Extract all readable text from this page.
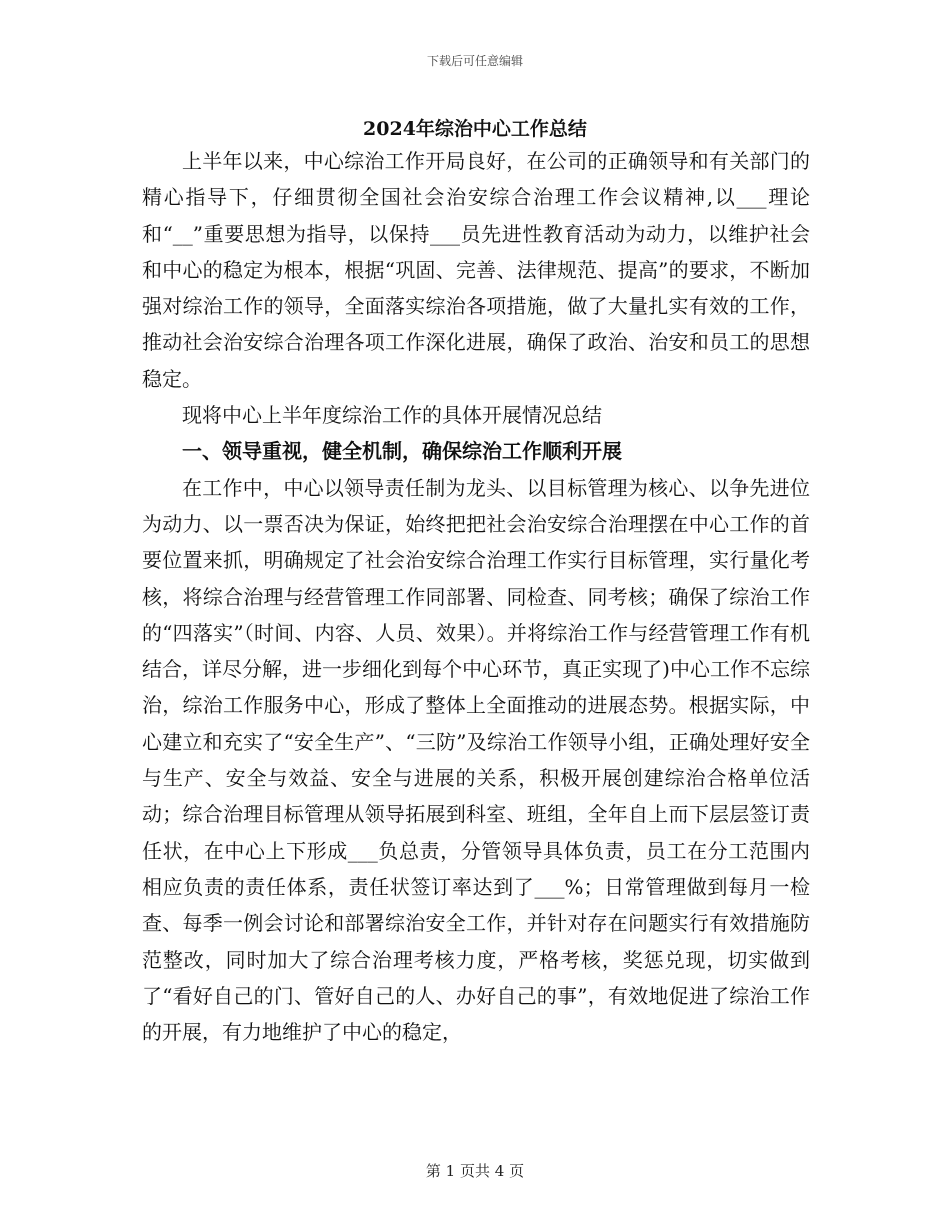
下载后可任意编辑
2024年综治中心工作总结

上半年以来，中心综治工作开局良好，在公司的正确领导和有关部门的精心指导下，仔细贯彻全国社会治安综合治理工作会议精神,以___理论和“__”重要思想为指导，以保持___员先进性教育活动为动力，以维护社会和中心的稳定为根本，根据“巩固、完善、法律规范、提高”的要求，不断加强对综治工作的领导，全面落实综治各项措施，做了大量扎实有效的工作，推动社会治安综合治理各项工作深化进展，确保了政治、治安和员工的思想稳定。

现将中心上半年度综治工作的具体开展情况总结

一、领导重视，健全机制，确保综治工作顺利开展

在工作中，中心以领导责任制为龙头、以目标管理为核心、以争先进位为动力、以一票否决为保证，始终把把社会治安综合治理摆在中心工作的首要位置来抓，明确规定了社会治安综合治理工作实行目标管理，实行量化考核，将综合治理与经营管理工作同部署、同检查、同考核；确保了综治工作的“四落实”（时间、内容、人员、效果）。并将综治工作与经营管理工作有机结合，详尽分解，进一步细化到每个中心环节，真正实现了)中心工作不忘综治，综治工作服务中心，形成了整体上全面推动的进展态势。根据实际，中心建立和充实了“安全生产”、“三防”及综治工作领导小组，正确处理好安全与生产、安全与效益、安全与进展的关系，积极开展创建综治合格单位活动；综合治理目标管理从领导拓展到科室、班组，全年自上而下层层签订责任状，在中心上下形成___负总责，分管领导具体负责，员工在分工范围内相应负责的责任体系，责任状签订率达到了___%；日常管理做到每月一检查、每季一例会讨论和部署综治安全工作，并针对存在问题实行有效措施防范整改，同时加大了综合治理考核力度，严格考核，奖惩兑现，切实做到了“看好自己的门、管好自己的人、办好自己的事”，有效地促进了综治工作的开展，有力地维护了中心的稳定，

第 1 页共 4 页
